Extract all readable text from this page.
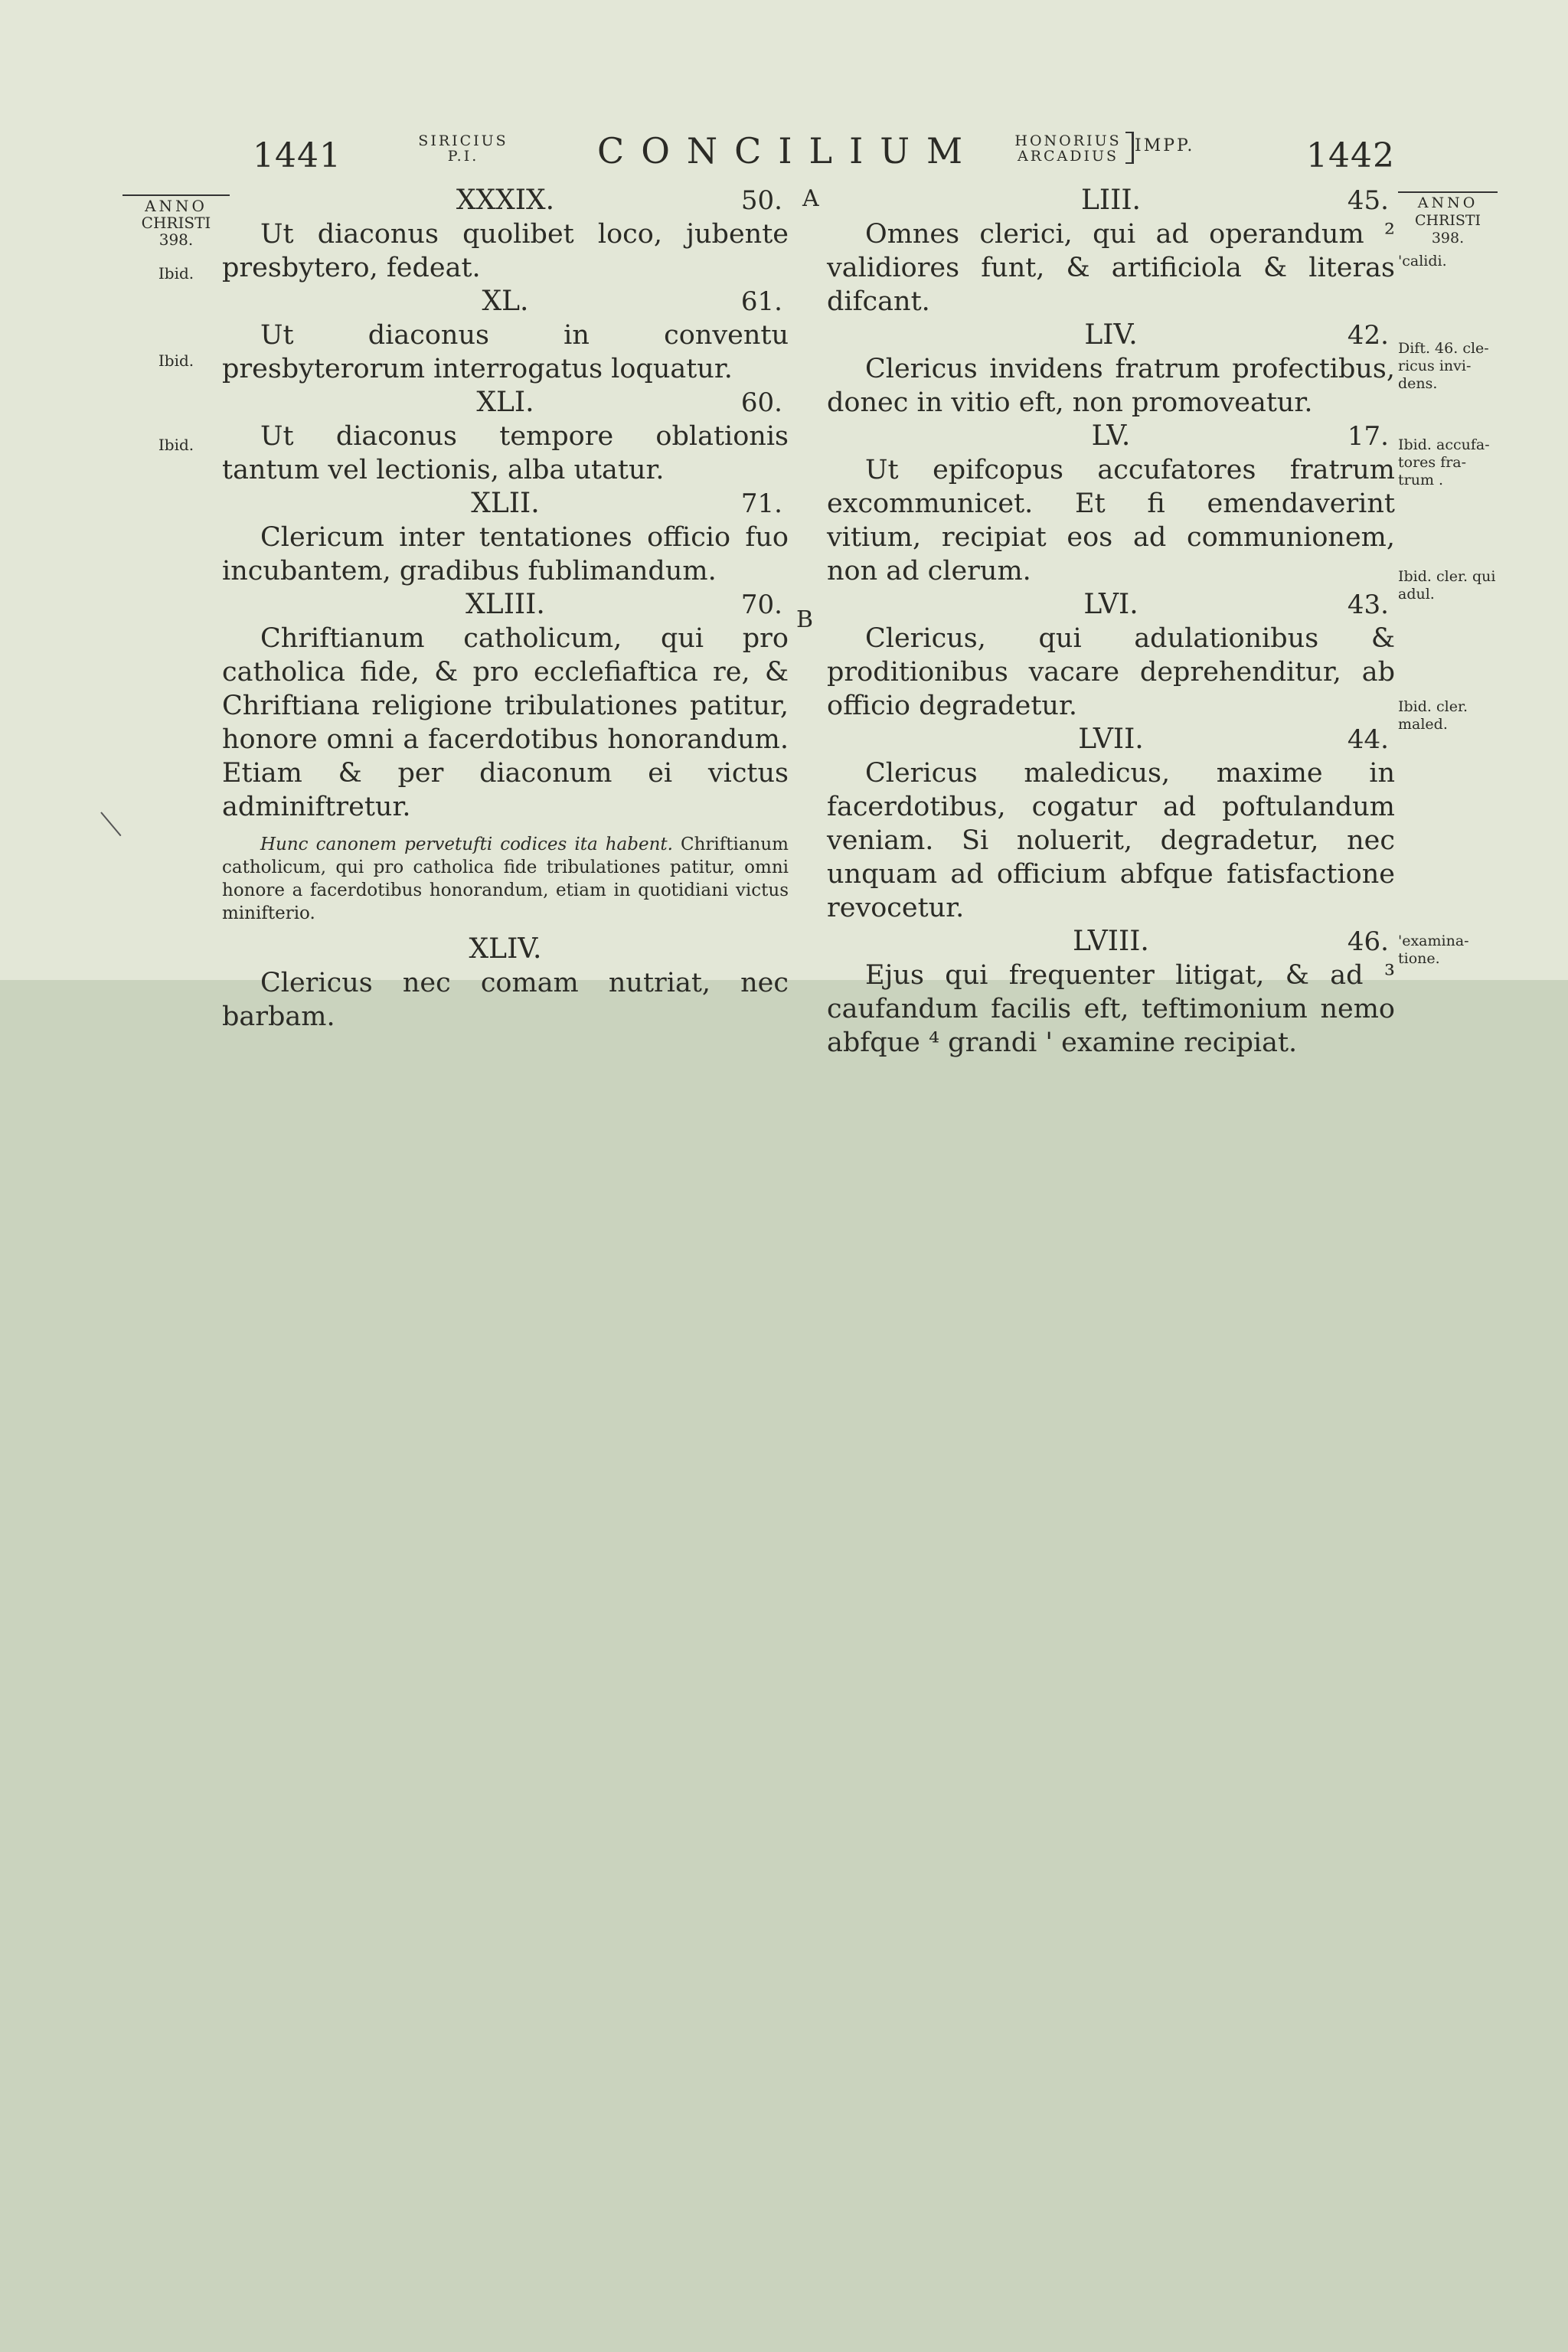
1441	SIRICIUS
P.I.	CONCILIUM	HONORIUS
ARCADIUS
IMPP.	1442
ANNO
CHRISTI
398.
Ibid.
Ibid.
Ibid.
A
B
XXXIX.	50.

Ut diaconus quolibet loco, jubente presbytero, fedeat.

XL.	61.

Ut diaconus in conventu presbyterorum interrogatus loquatur.

XLI.	60.

Ut diaconus tempore oblationis tantum vel lectionis, alba utatur.

XLII.	71.

Clericum inter tentationes officio fuo incubantem, gradibus fublimandum.

XLIII.	70.

Chriftianum catholicum, qui pro catholica fide, & pro ecclefiaftica re, & Chriftiana religione tribulationes patitur, honore omni a facerdotibus honorandum. Etiam & per diaconum ei victus adminiftretur.

Hunc canonem pervetufti codices ita habent. Chriftianum catholicum, qui pro catholica fide tribulationes patitur, omni honore a facerdotibus honorandum, etiam in quotidiani victus minifterio.

XLIV.

Clericus nec comam nutriat, nec barbam.

LIII.	45.

Omnes clerici, qui ad operandum ² validiores funt, & artificiola & literas difcant.

LIV.	42.

Clericus invidens fratrum profectibus, donec in vitio eft, non promoveatur.

LV.	17.

Ut epifcopus accufatores fratrum excommunicet. Et fi emendaverint vitium, recipiat eos ad communionem, non ad clerum.

LVI.	43.

Clericus, qui adulationibus & proditionibus vacare deprehenditur, ab officio degradetur.

LVII.	44.

Clericus maledicus, maxime in facerdotibus, cogatur ad poftulandum veniam. Si noluerit, degradetur, nec unquam ad officium abfque fatisfactione revocetur.

LVIII.	46.

Ejus qui frequenter litigat, & ad ³ caufandum facilis eft, teftimonium nemo abfque ⁴ grandi ' examine recipiat.

ANNO
CHRISTI
398.
'calidi.
Dift. 46. cle-ricus invi-dens.
Ibid. accufa-tores fra-trum .
Ibid. cler. qui adul.
Ibid. cler. maled.
'examina-tione.
